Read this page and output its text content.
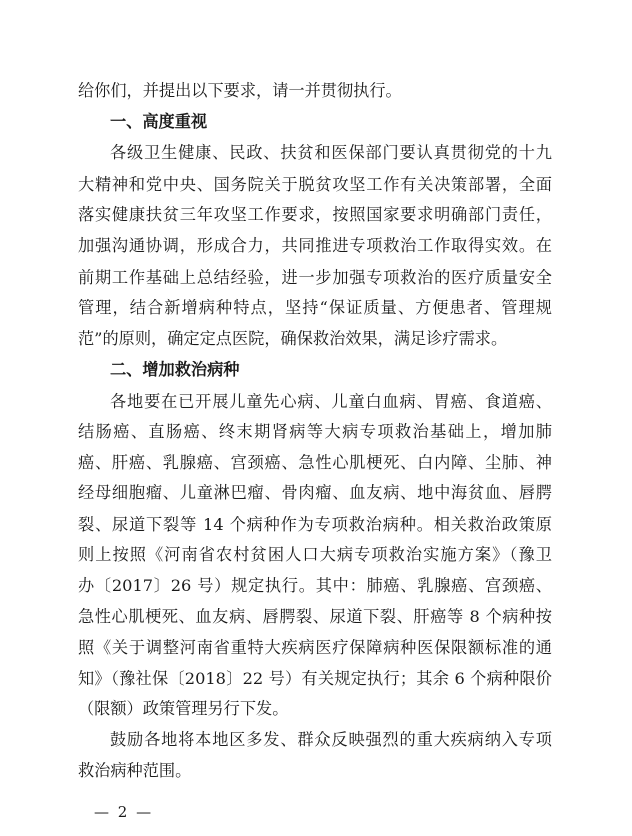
给你们，并提出以下要求，请一并贯彻执行。
一、高度重视
各级卫生健康、民政、扶贫和医保部门要认真贯彻党的十九
大精神和党中央、国务院关于脱贫攻坚工作有关决策部署，全面
落实健康扶贫三年攻坚工作要求，按照国家要求明确部门责任，
加强沟通协调，形成合力，共同推进专项救治工作取得实效。在
前期工作基础上总结经验，进一步加强专项救治的医疗质量安全
管理，结合新增病种特点，坚持“保证质量、方便患者、管理规
范”的原则，确定定点医院，确保救治效果，满足诊疗需求。
二、增加救治病种
各地要在已开展儿童先心病、儿童白血病、胃癌、食道癌、
结肠癌、直肠癌、终末期肾病等大病专项救治基础上，增加肺
癌、肝癌、乳腺癌、宫颈癌、急性心肌梗死、白内障、尘肺、神
经母细胞瘤、儿童淋巴瘤、骨肉瘤、血友病、地中海贫血、唇腭
裂、尿道下裂等 14 个病种作为专项救治病种。相关救治政策原
则上按照《河南省农村贫困人口大病专项救治实施方案》（豫卫
办〔2017〕26 号）规定执行。其中：肺癌、乳腺癌、宫颈癌、
急性心肌梗死、血友病、唇腭裂、尿道下裂、肝癌等 8 个病种按
照《关于调整河南省重特大疾病医疗保障病种医保限额标准的通
知》（豫社保〔2018〕22 号）有关规定执行；其余 6 个病种限价
（限额）政策管理另行下发。
鼓励各地将本地区多发、群众反映强烈的重大疾病纳入专项
救治病种范围。
— 2 —
